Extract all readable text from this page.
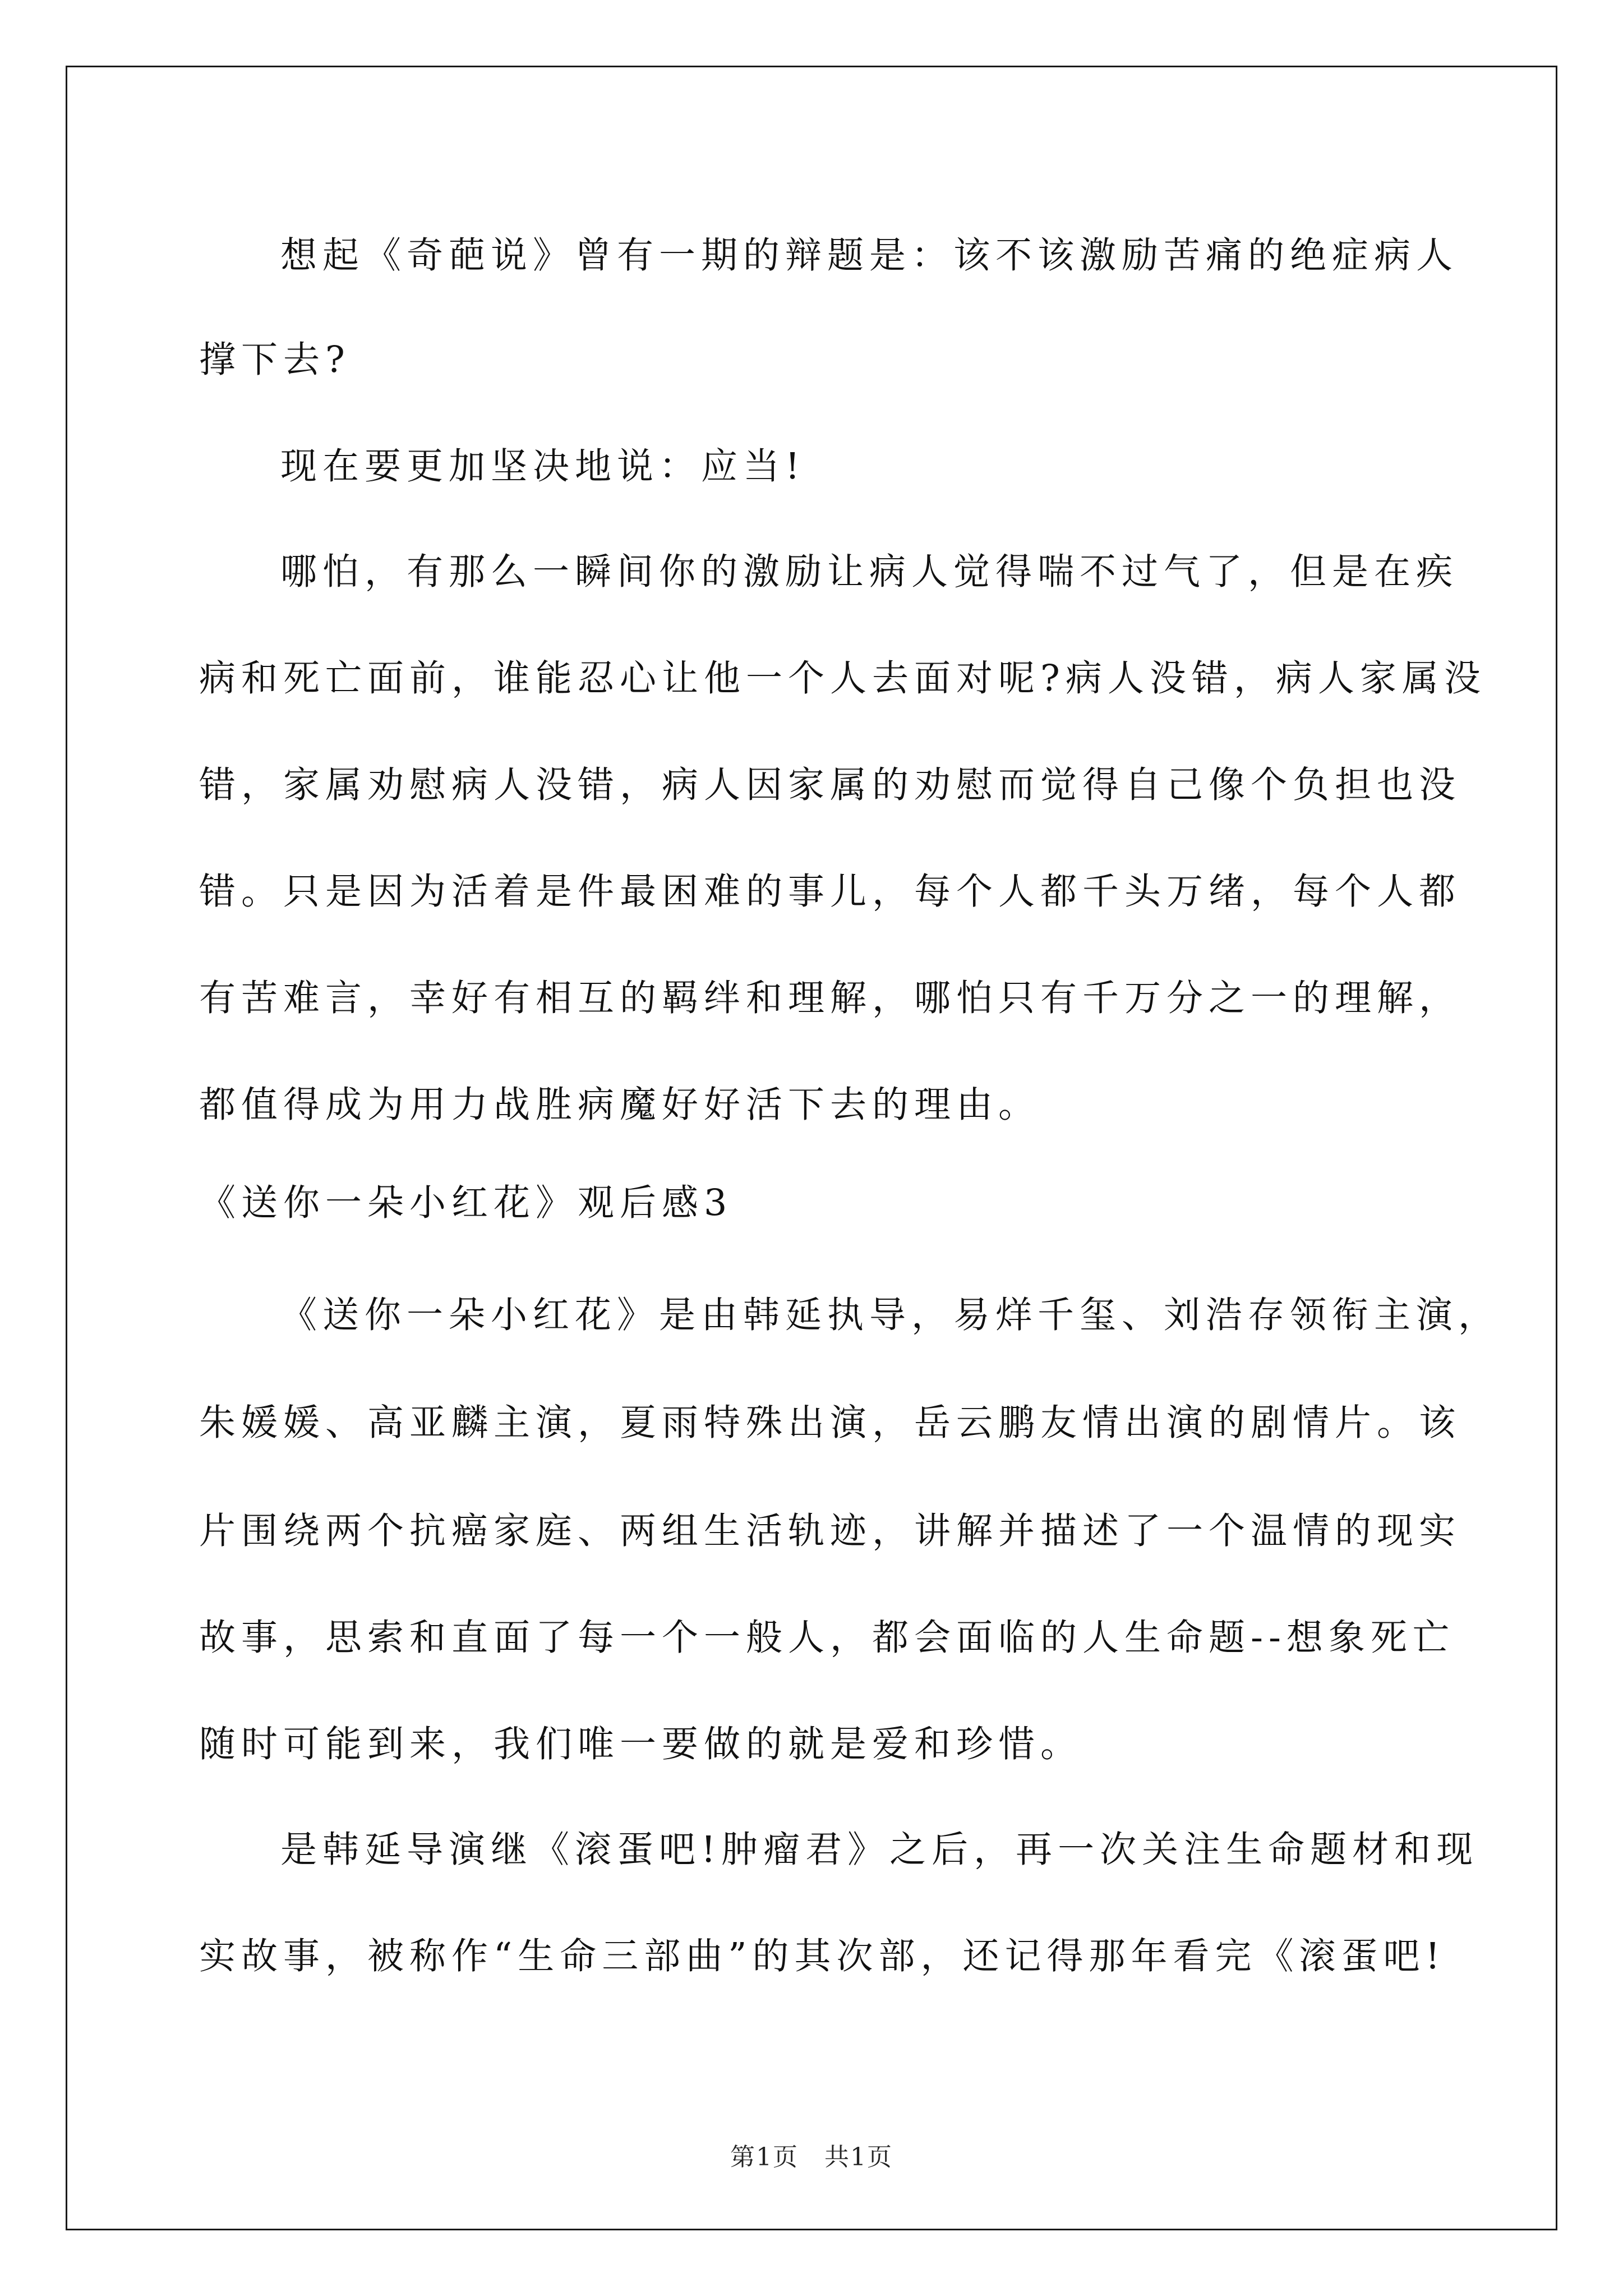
想起《奇葩说》曾有一期的辩题是：该不该激励苦痛的绝症病人
撑下去?
现在要更加坚决地说：应当!
哪怕，有那么一瞬间你的激励让病人觉得喘不过气了，但是在疾
病和死亡面前，谁能忍心让他一个人去面对呢?病人没错，病人家属没
错，家属劝慰病人没错，病人因家属的劝慰而觉得自己像个负担也没
错。只是因为活着是件最困难的事儿，每个人都千头万绪，每个人都
有苦难言，幸好有相互的羁绊和理解，哪怕只有千万分之一的理解，
都值得成为用力战胜病魔好好活下去的理由。
《送你一朵小红花》观后感3
《送你一朵小红花》是由韩延执导，易烊千玺、刘浩存领衔主演，
朱媛媛、高亚麟主演，夏雨特殊出演，岳云鹏友情出演的剧情片。该
片围绕两个抗癌家庭、两组生活轨迹，讲解并描述了一个温情的现实
故事，思索和直面了每一个一般人，都会面临的人生命题--想象死亡
随时可能到来，我们唯一要做的就是爱和珍惜。
是韩延导演继《滚蛋吧!肿瘤君》之后，再一次关注生命题材和现
实故事，被称作“生命三部曲”的其次部，还记得那年看完《滚蛋吧!
第1页　共1页
